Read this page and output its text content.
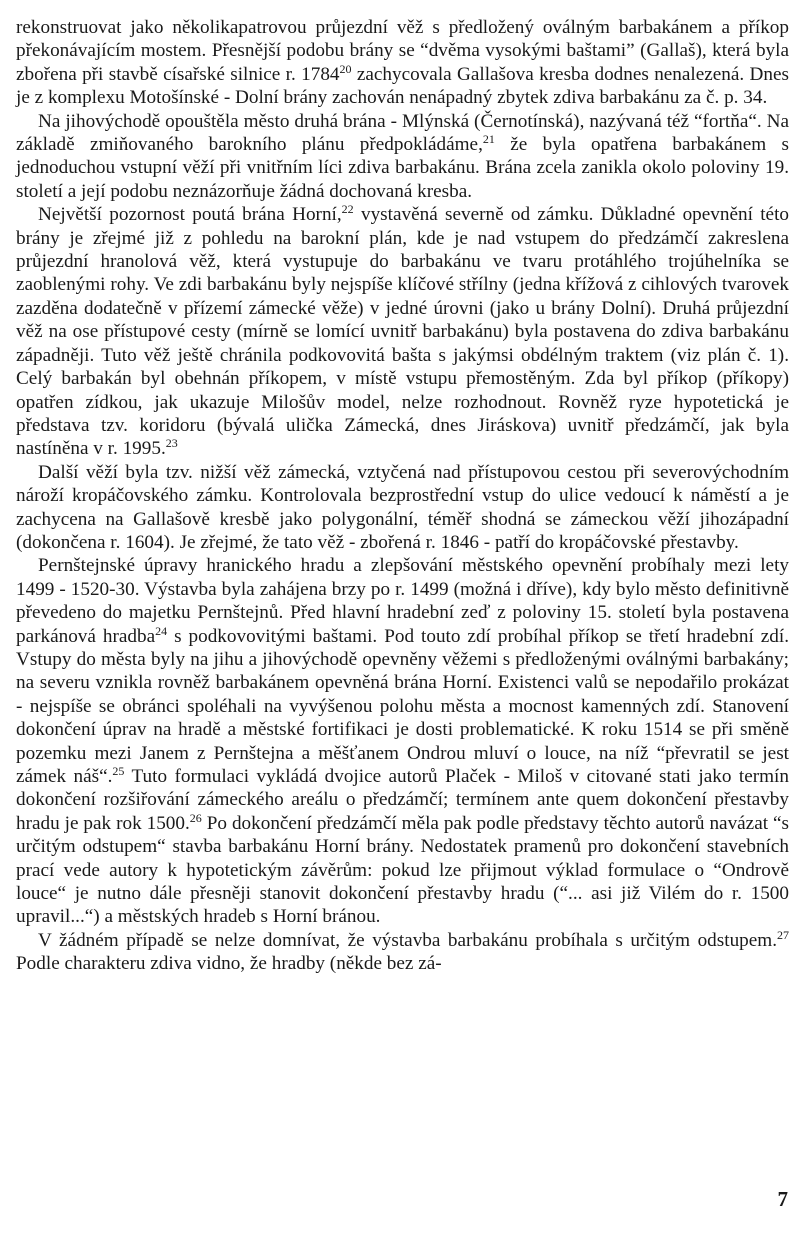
rekonstruovat jako několikapatrovou průjezdní věž s předložený oválným barbakánem a příkop překonávajícím mostem. Přesnější podobu brány se “dvěma vysokými baštami” (Gallaš), která byla zbořena při stavbě císařské silnice r. 1784$^{20}$ zachycovala Gallašova kresba dodnes nenalezená. Dnes je z komplexu Motošínské - Dolní brány zachován nenápadný zbytek zdiva barbakánu za č. p. 34.

Na jihovýchodě opouštěla město druhá brána - Mlýnská (Černotínská), nazývaná též “fortňa“. Na základě zmiňovaného barokního plánu předpokládáme,$^{21}$ že byla opatřena barbakánem s jednoduchou vstupní věží při vnitřním líci zdiva barbakánu. Brána zcela zanikla okolo poloviny 19. století a její podobu neznázorňuje žádná dochovaná kresba.

Největší pozornost poutá brána Horní,$^{22}$ vystavěná severně od zámku. Důkladné opevnění této brány je zřejmé již z pohledu na barokní plán, kde je nad vstupem do předzámčí zakreslena průjezdní hranolová věž, která vystupuje do barbakánu ve tvaru protáhlého trojúhelníka se zaoblenými rohy. Ve zdi barbakánu byly nejspíše klíčové střílny (jedna křížová z cihlových tvarovek zazděna dodatečně v přízemí zámecké věže) v jedné úrovni (jako u brány Dolní). Druhá průjezdní věž na ose přístupové cesty (mírně se lomící uvnitř barbakánu) byla postavena do zdiva barbakánu západněji. Tuto věž ještě chránila podkovovitá bašta s jakýmsi obdélným traktem (viz plán č. 1). Celý barbakán byl obehnán příkopem, v místě vstupu přemostěným. Zda byl příkop (příkopy) opatřen zídkou, jak ukazuje Milošův model, nelze rozhodnout. Rovněž ryze hypotetická je představa tzv. koridoru (bývalá ulička Zámecká, dnes Jiráskova) uvnitř předzámčí, jak byla nastíněna v r. 1995.23

Další věží byla tzv. nižší věž zámecká, vztyčená nad přístupovou cestou při severovýchodním nároží kropáčovského zámku. Kontrolovala bezprostřední vstup do ulice vedoucí k náměstí a je zachycena na Gallašově kresbě jako polygonální, téměř shodná se zámeckou věží jihozápadní (dokončena r. 1604). Je zřejmé, že tato věž - zbořená r. 1846 - patří do kropáčovské přestavby.

Pernštejnské úpravy hranického hradu a zlepšování městského opevnění probíhaly mezi lety 1499 - 1520-30. Výstavba byla zahájena brzy po r. 1499 (možná i dříve), kdy bylo město definitivně převedeno do majetku Pernštejnů. Před hlavní hradební zeď z poloviny 15. století byla postavena parkánová hradba$^{24}$ s podkovovitými baštami. Pod touto zdí probíhal příkop se třetí hradební zdí. Vstupy do města byly na jihu a jihovýchodě opevněny věžemi s předloženými oválnými barbakány; na severu vznikla rovněž barbakánem opevněná brána Horní. Existenci valů se nepodařilo prokázat - nejspíše se obránci spoléhali na vyvýšenou polohu města a mocnost kamenných zdí. Stanovení dokončení úprav na hradě a městské fortifikaci je dosti problematické. K roku 1514 se při směně pozemku mezi Janem z Pernštejna a měšťanem Ondrou mluví o louce, na níž “převratil se jest zámek náš“.$^{25}$ Tuto formulaci vykládá dvojice autorů Plaček - Miloš v citované stati jako termín dokončení rozšiřování zámeckého areálu o předzámčí; termínem ante quem dokončení přestavby hradu je pak rok 1500.26 Po dokončení předzámčí měla pak podle představy těchto autorů navázat “s určitým odstupem“ stavba barbakánu Horní brány. Nedostatek pramenů pro dokončení stavebních prací vede autory k hypotetickým závěrům: pokud lze přijmout výklad formulace o “Ondrově louce“ je nutno dále přesněji stanovit dokončení přestavby hradu (“... asi již Vilém do r. 1500 upravil...“) a městských hradeb s Horní bránou.

V žádném případě se nelze domnívat, že výstavba barbakánu probíhala s určitým odstupem.$^{27}$ Podle charakteru zdiva vidno, že hradby (někde bez zá-

7
